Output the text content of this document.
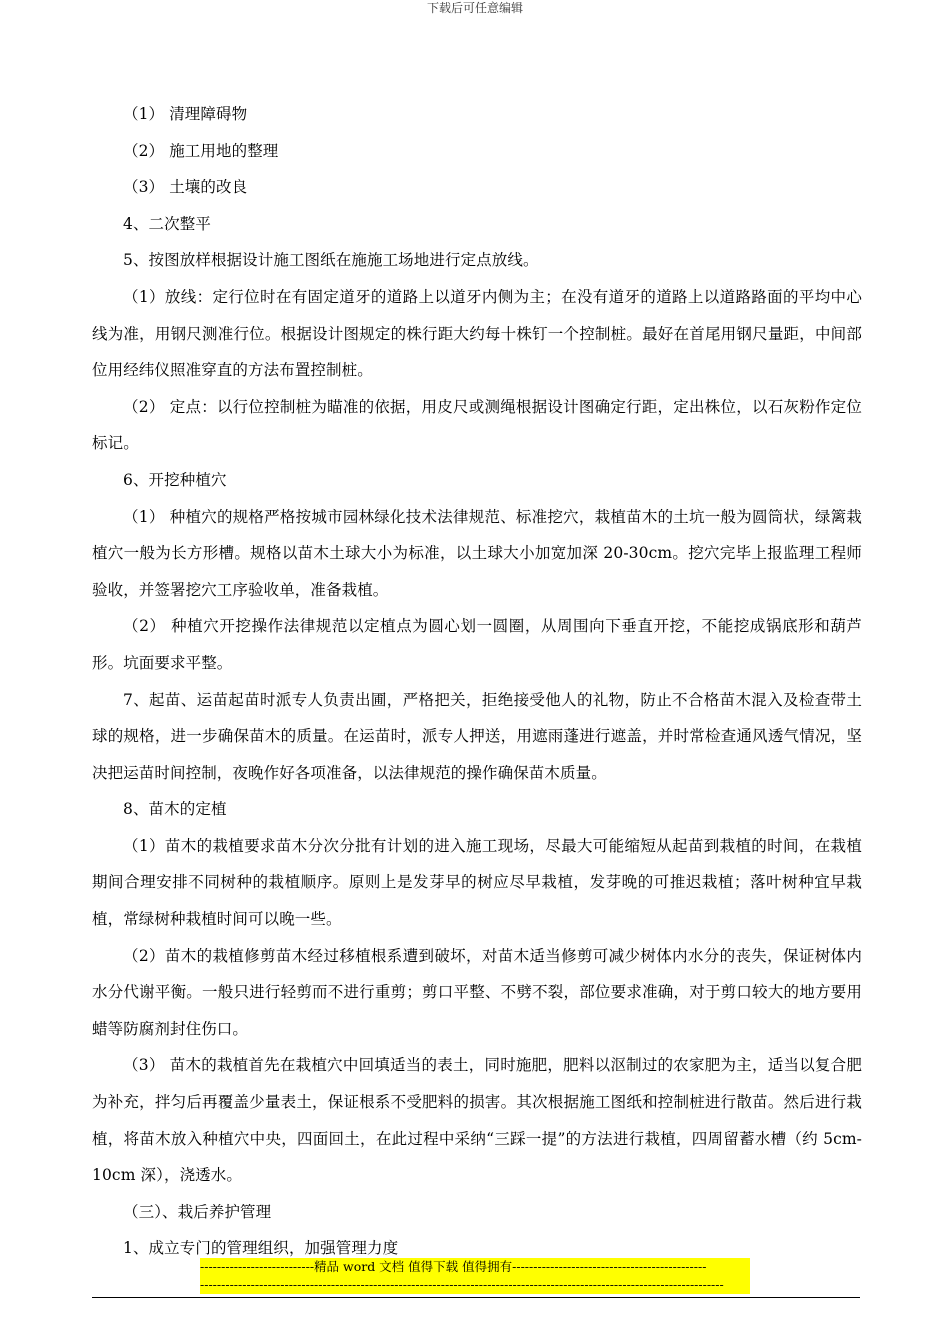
下载后可任意编辑

（1） 清理障碍物

（2） 施工用地的整理

（3） 土壤的改良

4、二次整平

5、按图放样根据设计施工图纸在施施工场地进行定点放线。

（1）放线：定行位时在有固定道牙的道路上以道牙内侧为主；在没有道牙的道路上以道路路面的平均中心线为准，用钢尺测准行位。根据设计图规定的株行距大约每十株钉一个控制桩。最好在首尾用钢尺量距，中间部位用经纬仪照准穿直的方法布置控制桩。

（2） 定点：以行位控制桩为瞄准的依据，用皮尺或测绳根据设计图确定行距，定出株位，以石灰粉作定位标记。

6、开挖种植穴

（1） 种植穴的规格严格按城市园林绿化技术法律规范、标准挖穴，栽植苗木的土坑一般为圆筒状，绿篱栽植穴一般为长方形槽。规格以苗木土球大小为标准，以土球大小加宽加深 20-30cm。挖穴完毕上报监理工程师验收，并签署挖穴工序验收单，准备栽植。

（2） 种植穴开挖操作法律规范以定植点为圆心划一圆圈，从周围向下垂直开挖，不能挖成锅底形和葫芦形。坑面要求平整。

7、起苗、运苗起苗时派专人负责出圃，严格把关，拒绝接受他人的礼物，防止不合格苗木混入及检查带土球的规格，进一步确保苗木的质量。在运苗时，派专人押送，用遮雨蓬进行遮盖，并时常检查通风透气情况，坚决把运苗时间控制，夜晚作好各项准备，以法律规范的操作确保苗木质量。

8、苗木的定植

（1）苗木的栽植要求苗木分次分批有计划的进入施工现场，尽最大可能缩短从起苗到栽植的时间，在栽植期间合理安排不同树种的栽植顺序。原则上是发芽早的树应尽早栽植，发芽晚的可推迟栽植；落叶树种宜早栽植，常绿树种栽植时间可以晚一些。

（2）苗木的栽植修剪苗木经过移植根系遭到破坏，对苗木适当修剪可减少树体内水分的丧失，保证树体内水分代谢平衡。一般只进行轻剪而不进行重剪；剪口平整、不劈不裂，部位要求准确，对于剪口较大的地方要用蜡等防腐剂封住伤口。

（3） 苗木的栽植首先在栽植穴中回填适当的表土，同时施肥，肥料以沤制过的农家肥为主，适当以复合肥为补充，拌匀后再覆盖少量表土，保证根系不受肥料的损害。其次根据施工图纸和控制桩进行散苗。然后进行栽植，将苗木放入种植穴中央，四面回土，在此过程中采纳“三踩一提”的方法进行栽植，四周留蓄水槽（约 5cm-10cm 深），浇透水。

（三）、栽后养护管理

1、成立专门的管理组织，加强管理力度

---------------------------精品 word 文档 值得下载 值得拥有----------------------------------------------
----------------------------------------------------------------------------------------------------------------------------
